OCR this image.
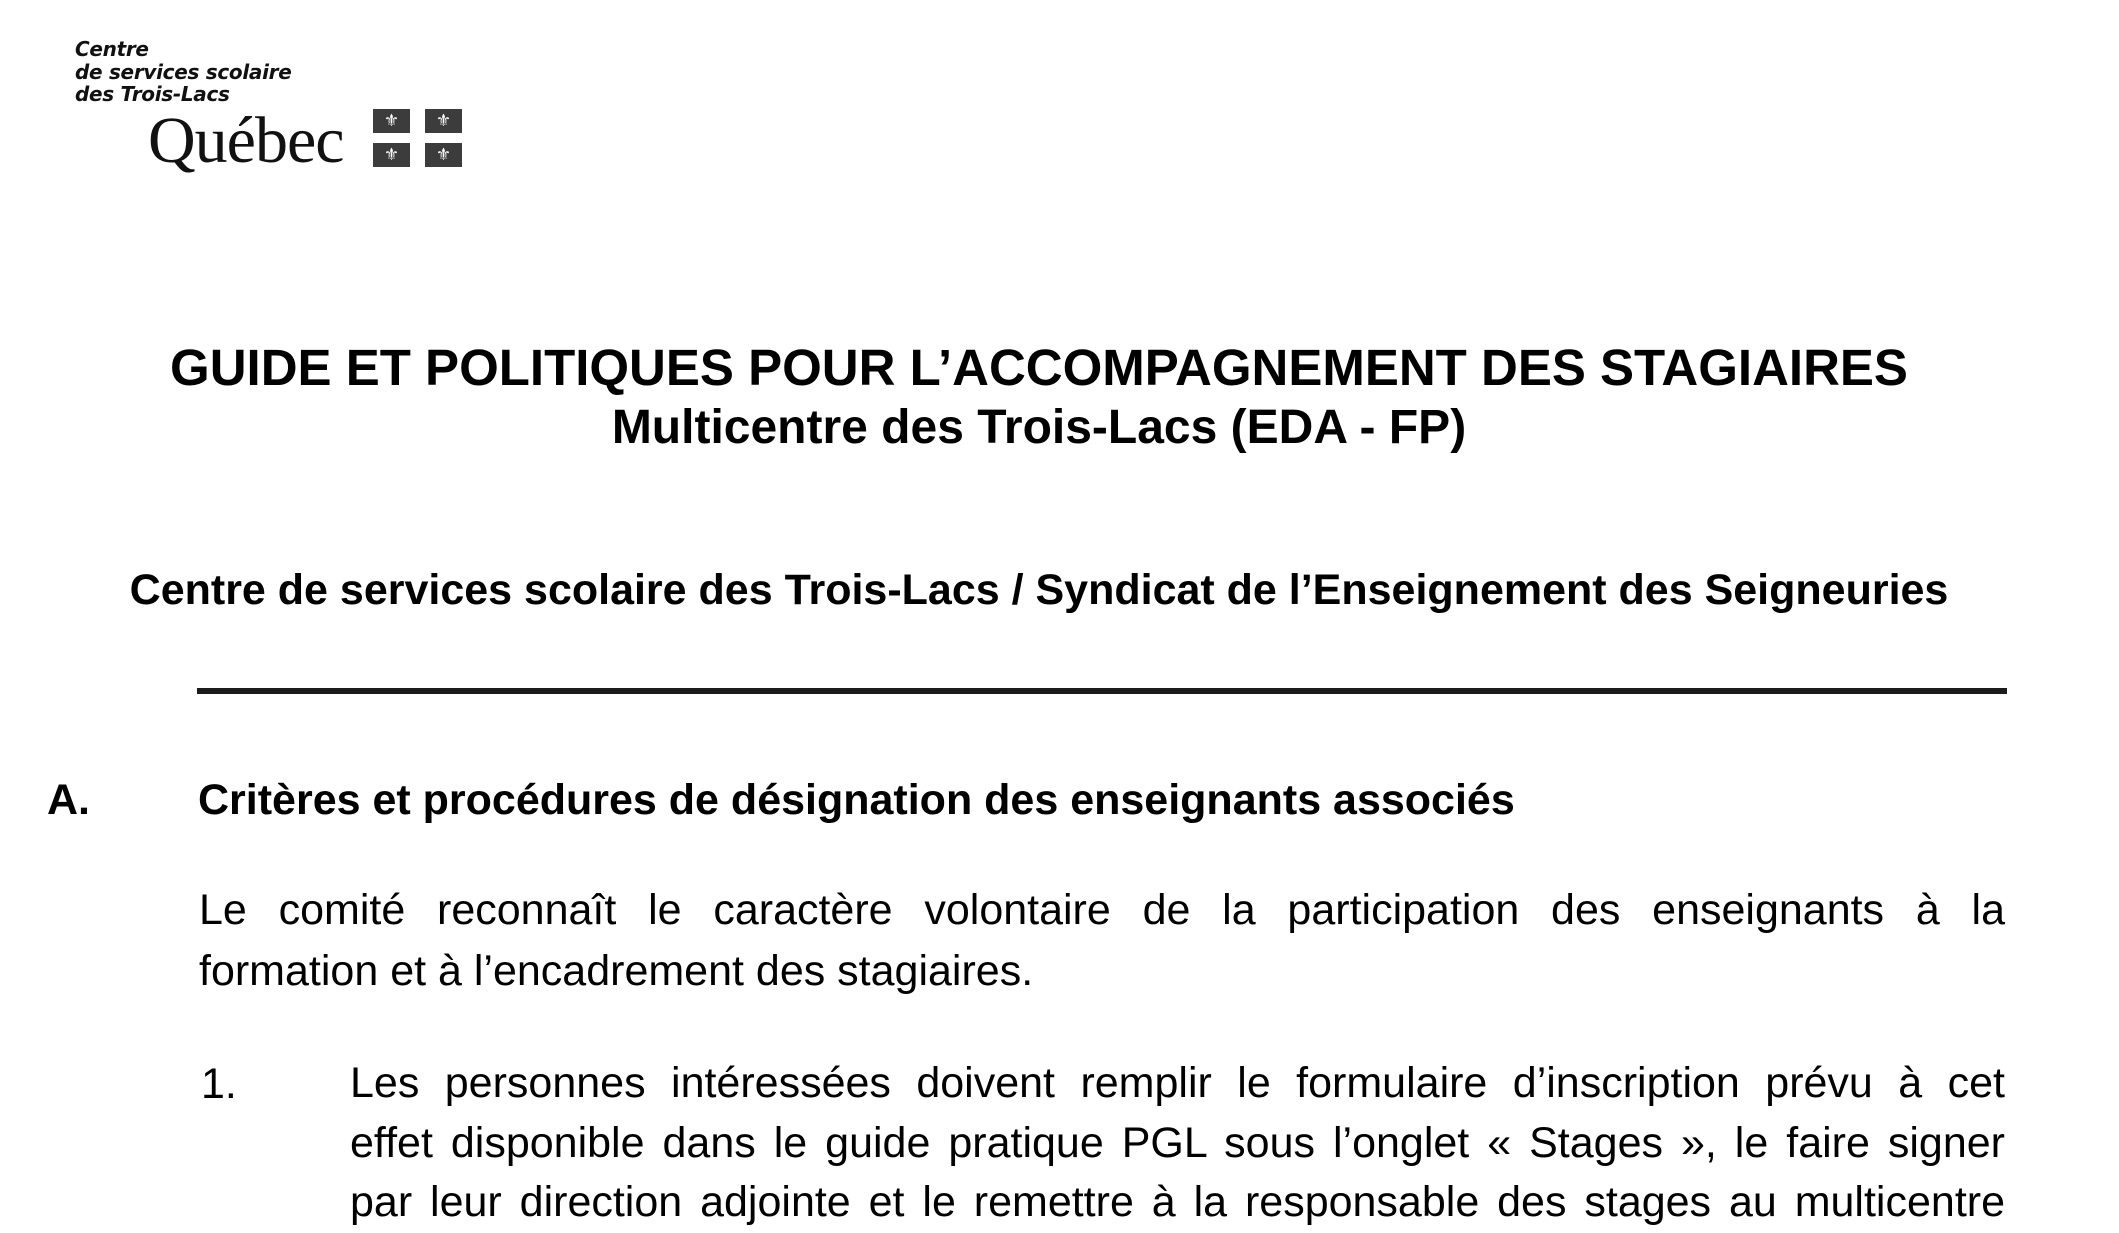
Centre
de services scolaire
des Trois-Lacs
Québec	⚜	⚜
⚜	⚜
GUIDE ET POLITIQUES POUR L’ACCOMPAGNEMENT DES STAGIAIRES
Multicentre des Trois-Lacs (EDA - FP)
Centre de services scolaire des Trois-Lacs / Syndicat de l’Enseignement des Seigneuries
A.	Critères et procédures de désignation des enseignants associés
Le comité reconnaît le caractère volontaire de la participation des enseignants à la
formation et à l’encadrement des stagiaires.
1.	Les personnes intéressées doivent remplir le formulaire d’inscription prévu à cet
effet disponible dans le guide pratique PGL sous l’onglet « Stages », le faire signer
par leur direction adjointe et le remettre à la responsable des stages au multicentre
